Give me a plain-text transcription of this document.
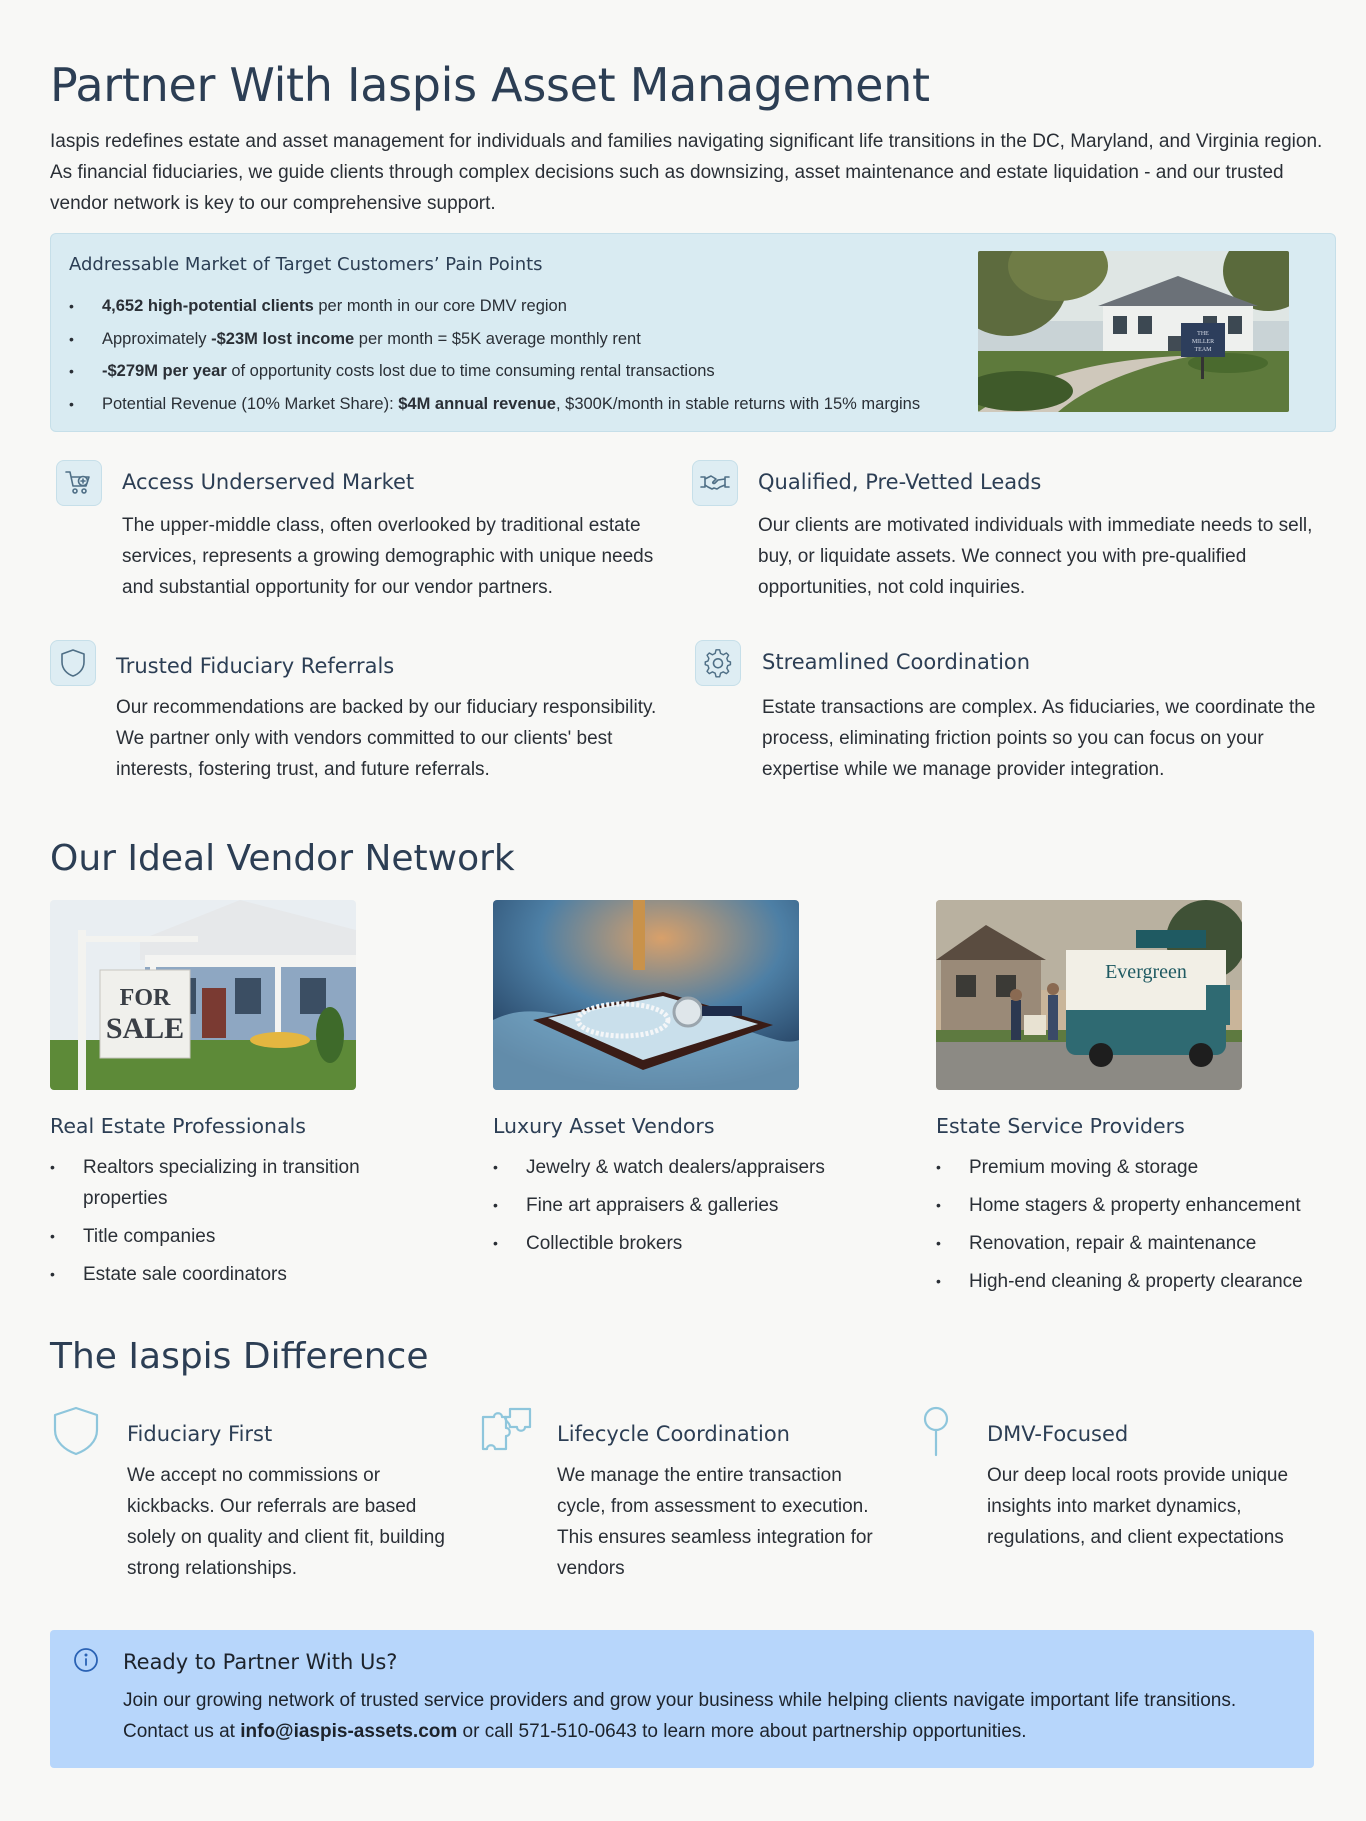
Partner With Iaspis Asset Management

Iaspis redefines estate and asset management for individuals and families navigating significant life transitions in the DC, Maryland, and Virginia region. As financial fiduciaries, we guide clients through complex decisions such as downsizing, asset maintenance and estate liquidation - and our trusted vendor network is key to our comprehensive support.

Addressable Market of Target Customers’ Pain Points
• 4,652 high-potential clients per month in our core DMV region
• Approximately -$23M lost income per month = $5K average monthly rent
• -$279M per year of opportunity costs lost due to time consuming rental transactions
• Potential Revenue (10% Market Share): $4M annual revenue, $300K/month in stable returns with 15% margins
THE
MILLER
TEAM
Access Underserved Market
The upper-middle class, often overlooked by traditional estate services, represents a growing demographic with unique needs and substantial opportunity for our vendor partners.
Qualified, Pre-Vetted Leads
Our clients are motivated individuals with immediate needs to sell, buy, or liquidate assets. We connect you with pre-qualified opportunities, not cold inquiries.
Trusted Fiduciary Referrals
Our recommendations are backed by our fiduciary responsibility. We partner only with vendors committed to our clients' best interests, fostering trust, and future referrals.
Streamlined Coordination
Estate transactions are complex. As fiduciaries, we coordinate the process, eliminating friction points so you can focus on your expertise while we manage provider integration.
Our Ideal Vendor Network
FOR
SALE
Real Estate Professionals
• Realtors specializing in transition properties
• Title companies
• Estate sale coordinators
Luxury Asset Vendors
• Jewelry & watch dealers/appraisers
• Fine art appraisers & galleries
• Collectible brokers
Evergreen
Estate Service Providers
• Premium moving & storage
• Home stagers & property enhancement
• Renovation, repair & maintenance
• High-end cleaning & property clearance
The Iaspis Difference
Fiduciary First
We accept no commissions or kickbacks. Our referrals are based solely on quality and client fit, building strong relationships.
Lifecycle Coordination
We manage the entire transaction cycle, from assessment to execution. This ensures seamless integration for vendors
DMV-Focused
Our deep local roots provide unique insights into market dynamics, regulations, and client expectations
Ready to Partner With Us?
Join our growing network of trusted service providers and grow your business while helping clients navigate important life transitions. Contact us at info@iaspis-assets.com or call 571-510-0643 to learn more about partnership opportunities.
